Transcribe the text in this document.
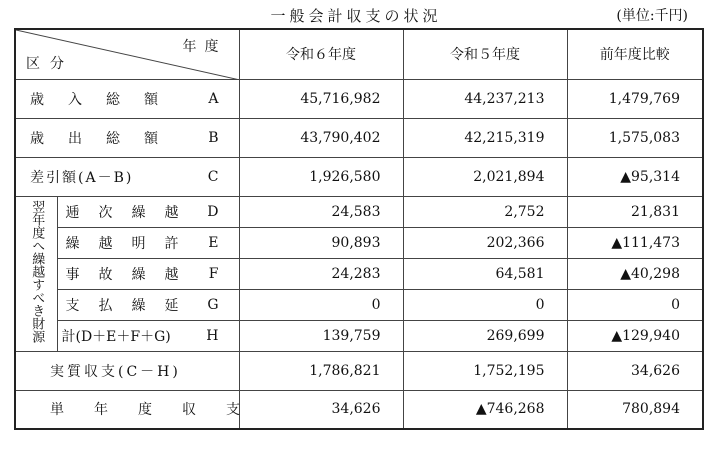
一般会計収支の状況	(単位:千円)
年度
区分		令和６年度	令和５年度	前年度比較

歳入総額 A		45,716,982	44,237,213	1,479,769

歳出総額 B		43,790,402	42,215,319	1,575,083

差引額(A－B) C		1,926,580	2,021,894	▲95,314
翌年度へ繰越すべき財源	逓次繰越 D	24,583	2,752	21,831

	繰越明許 E	90,893	202,366	▲111,473

	事故繰越 F	24,283	64,581	▲40,298

	支払繰延 G	0	0	0

	計(D＋E＋F＋G) H	139,759	269,699	▲129,940

実質収支(C－H)		1,786,821	1,752,195	34,626

単年度収支		34,626	▲746,268	780,894
